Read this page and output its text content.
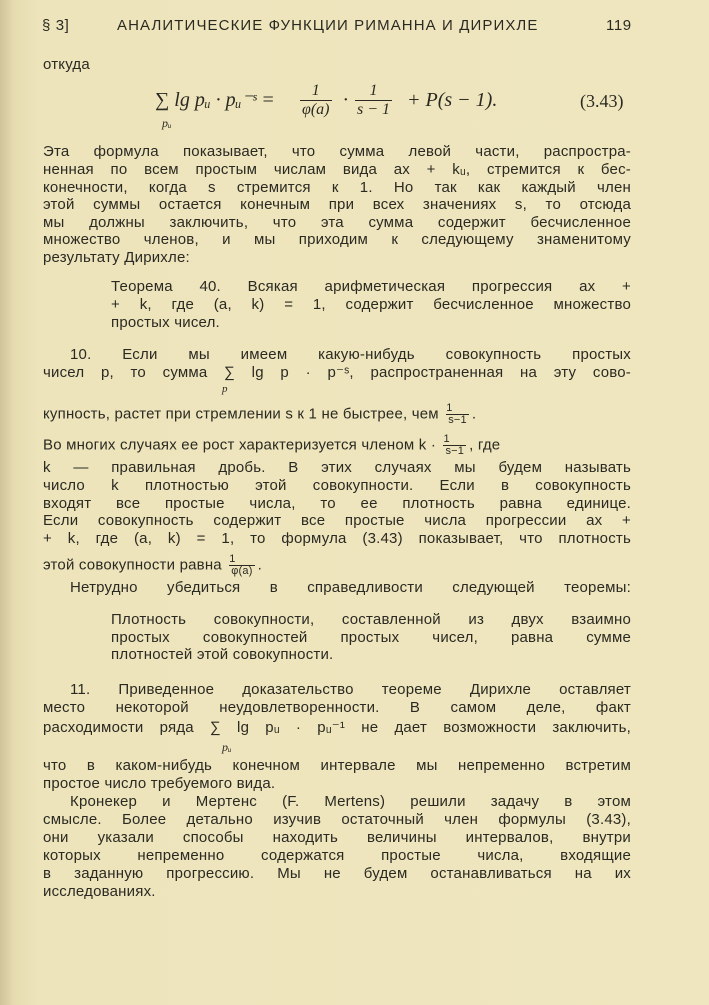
§ 3]	АНАЛИТИЧЕСКИЕ ФУНКЦИИ РИМАННА И ДИРИХЛЕ	119
откуда
∑ lg pᵤ · pᵤ⁻ˢ =
pᵤ
1
φ(a) ·	1
s − 1 + P(s − 1).	(3.43)
Эта формула показывает, что сумма левой части, распростра-
ненная по всем простым числам вида ax + kᵤ, стремится к бес-
конечности, когда s стремится к 1. Но так как каждый член
этой суммы остается конечным при всех значениях s, то отсюда
мы должны заключить, что эта сумма содержит бесчисленное
множество членов, и мы приходим к следующему знаменитому
результату Дирихле:
Теорема 40. Всякая арифметическая прогрессия ax +
+ k, где (a, k) = 1, содержит бесчисленное множество
простых чисел.
10. Если мы имеем какую-нибудь совокупность простых
чисел p, то сумма ∑ lg p · p⁻ˢ, распространенная на эту сово-
p
купность, растет при стремлении s к 1 не быстрее, чем $\frac{1}{s-1}$ .
Во многих случаях ее рост характеризуется членом $k \cdot \frac{1}{s-1}$ , где
k — правильная дробь. В этих случаях мы будем называть
число k плотностью этой совокупности. Если в совокупность
входят все простые числа, то ее плотность равна единице.
Если совокупность содержит все простые числа прогрессии ax +
+ k, где (a, k) = 1, то формула (3.43) показывает, что плотность
этой совокупности равна $\frac{1}{\varphi(a)}$ .
Нетрудно убедиться в справедливости следующей теоремы:
Плотность совокупности, составленной из двух взаимно
простых совокупностей простых чисел, равна сумме
плотностей этой совокупности.
11. Приведенное доказательство теореме Дирихле оставляет
место некоторой неудовлетворенности. В самом деле, факт
расходимости ряда ∑ lg pᵤ · pᵤ⁻¹ не дает возможности заключить,
pᵤ
что в каком-нибудь конечном интервале мы непременно встретим
простое число требуемого вида.
Кронекер и Мертенс (F. Mertens) решили задачу в этом
смысле. Более детально изучив остаточный член формулы (3.43),
они указали способы находить величины интервалов, внутри
которых непременно содержатся простые числа, входящие
в заданную прогрессию. Мы не будем останавливаться на их
исследованиях.
